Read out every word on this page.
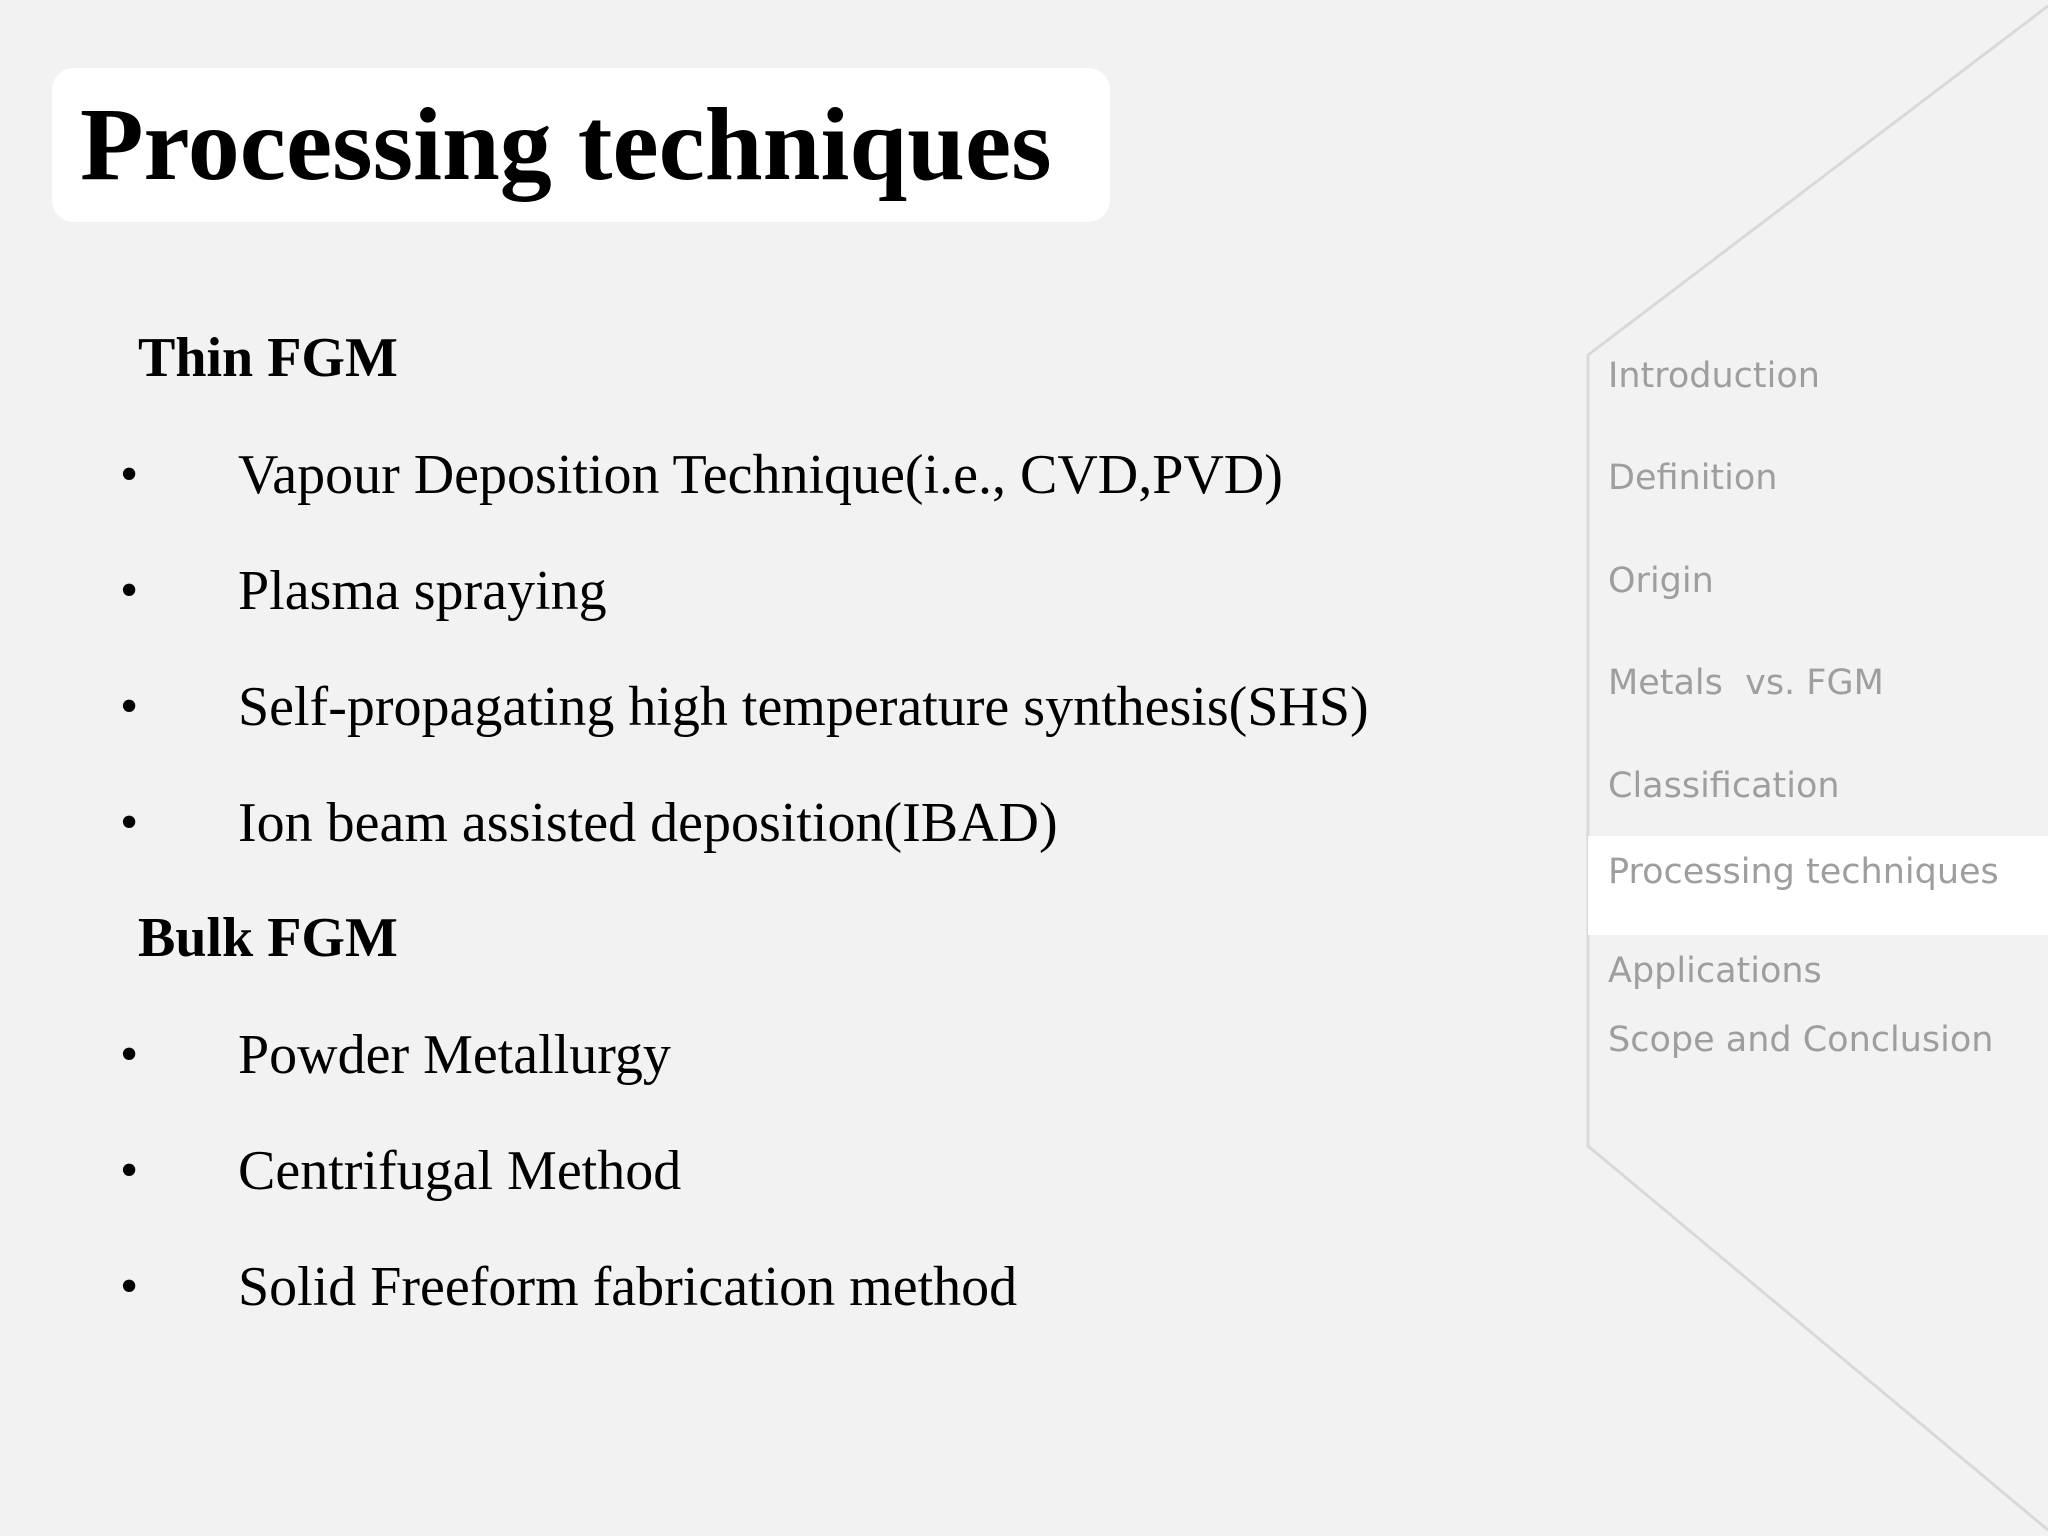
Processing techniques
Thin FGM
• Vapour Deposition Technique(i.e., CVD,PVD)
• Plasma spraying
• Self-propagating high temperature synthesis(SHS)
• Ion beam assisted deposition(IBAD)
Bulk FGM
• Powder Metallurgy
• Centrifugal Method
• Solid Freeform fabrication method
Introduction
Definition
Origin
Metals  vs. FGM
Classification
Processing techniques
Applications
Scope and Conclusion
